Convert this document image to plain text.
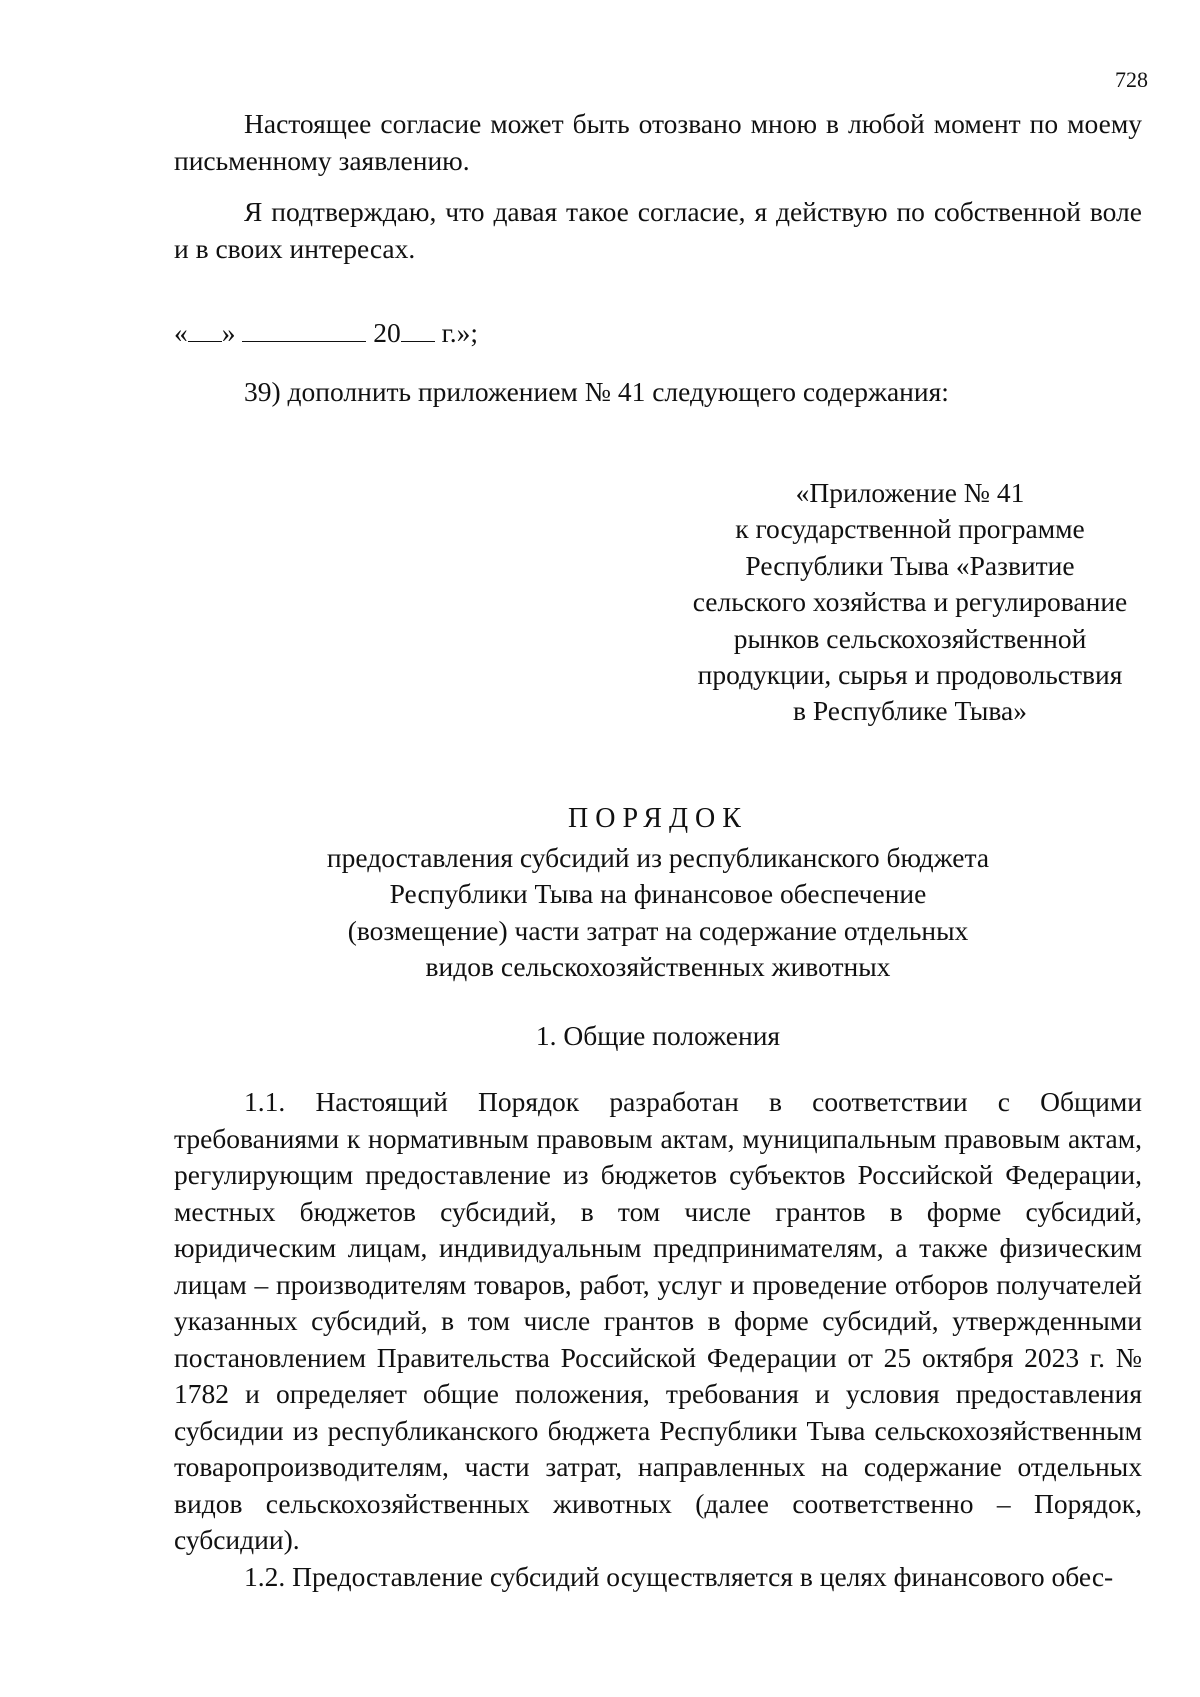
728

Настоящее согласие может быть отозвано мною в любой момент по моему письменному заявлению.

Я подтверждаю, что давая такое согласие, я действую по собственной воле и в своих интересах.

« »	20 г.»;

39) дополнить приложением № 41 следующего содержания:

«Приложение № 41
к государственной программе
Республики Тыва «Развитие
сельского хозяйства и регулирование
рынков сельскохозяйственной
продукции, сырья и продовольствия
в Республике Тыва»
ПОРЯДОК
предоставления субсидий из республиканского бюджета
Республики Тыва на финансовое обеспечение
(возмещение) части затрат на содержание отдельных
видов сельскохозяйственных животных
1. Общие положения

1.1. Настоящий Порядок разработан в соответствии с Общими требованиями к нормативным правовым актам, муниципальным правовым актам, регулирующим предоставление из бюджетов субъектов Российской Федерации, местных бюджетов субсидий, в том числе грантов в форме субсидий, юридическим лицам, индивидуальным предпринимателям, а также физическим лицам – производителям товаров, работ, услуг и проведение отборов получателей указанных субсидий, в том числе грантов в форме субсидий, утвержденными постановлением Правительства Российской Федерации от 25 октября 2023 г. № 1782 и определяет общие положения, требования и условия предоставления субсидии из республиканского бюджета Республики Тыва сельскохозяйственным товаропроизводителям, части затрат, направленных на содержание отдельных видов сельскохозяйственных животных (далее соответственно – Порядок, субсидии).

1.2. Предоставление субсидий осуществляется в целях финансового обес-
